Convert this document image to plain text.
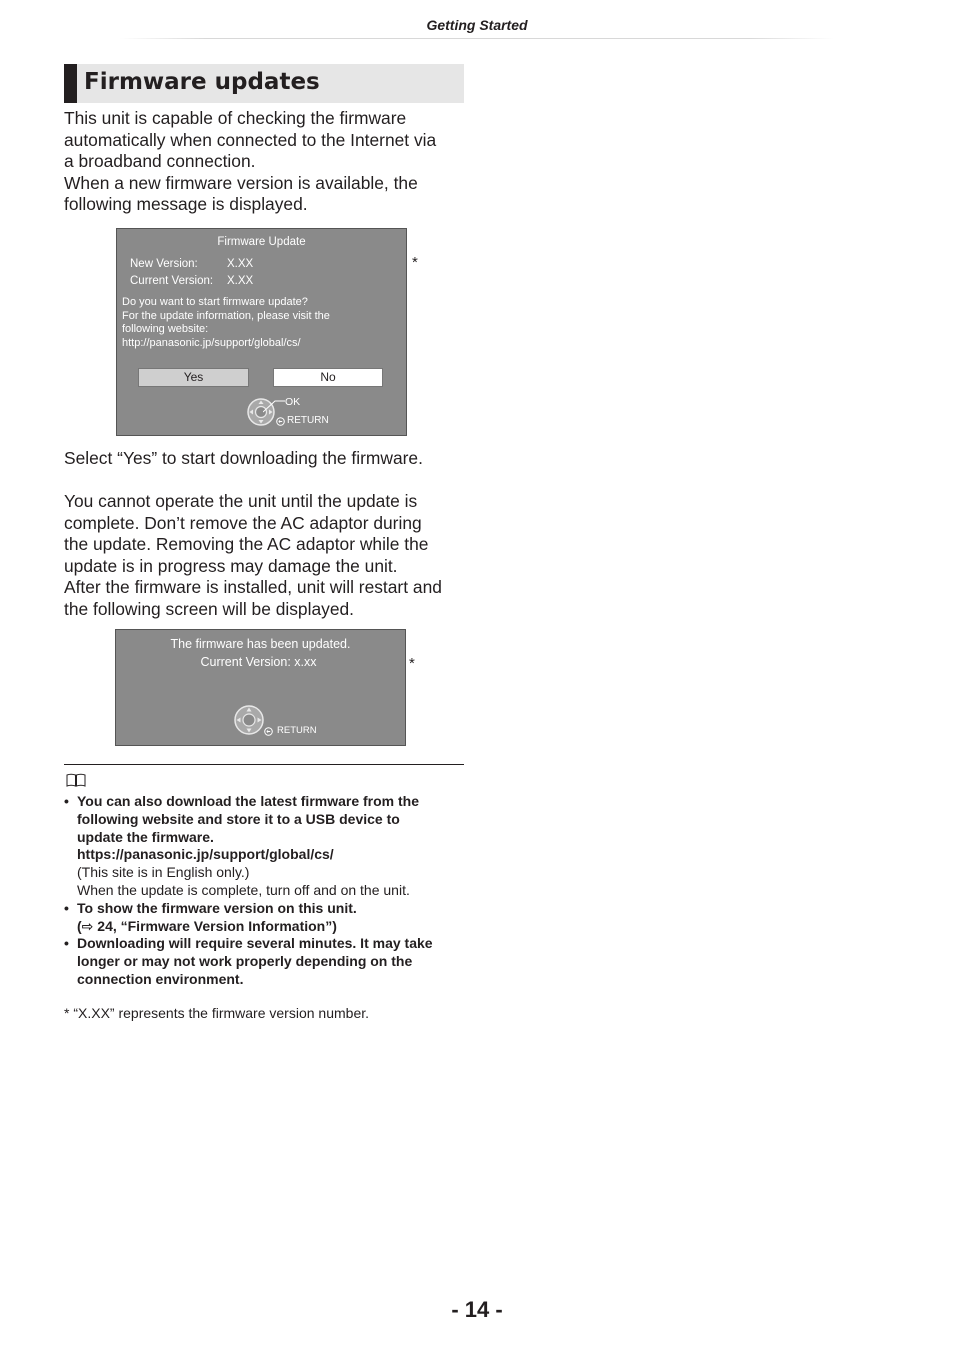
Getting Started
Firmware updates
This unit is capable of checking the firmware
automatically when connected to the Internet via
a broadband connection.
When a new firmware version is available, the
following message is displayed.
Firmware Update
New Version:	X.XX
Current Version: X.XX
Do you want to start firmware update?
For the update information, please visit the
following website:
http://panasonic.jp/support/global/cs/
Yes	No
OK
RETURN
*
Select “Yes” to start downloading the firmware.
You cannot operate the unit until the update is
complete. Don’t remove the AC adaptor during
the update. Removing the AC adaptor while the
update is in progress may damage the unit.
After the firmware is installed, unit will restart and
the following screen will be displayed.
The firmware has been updated.
Current Version: x.xx
RETURN
*
• You can also download the latest firmware from the
following website and store it to a USB device to
update the firmware.
https://panasonic.jp/support/global/cs/
(This site is in English only.)
When the update is complete, turn off and on the unit.
• To show the firmware version on this unit.
(⇨ 24, “Firmware Version Information”)
• Downloading will require several minutes. It may take
longer or may not work properly depending on the
connection environment.
* “X.XX” represents the firmware version number.
- 14 -
